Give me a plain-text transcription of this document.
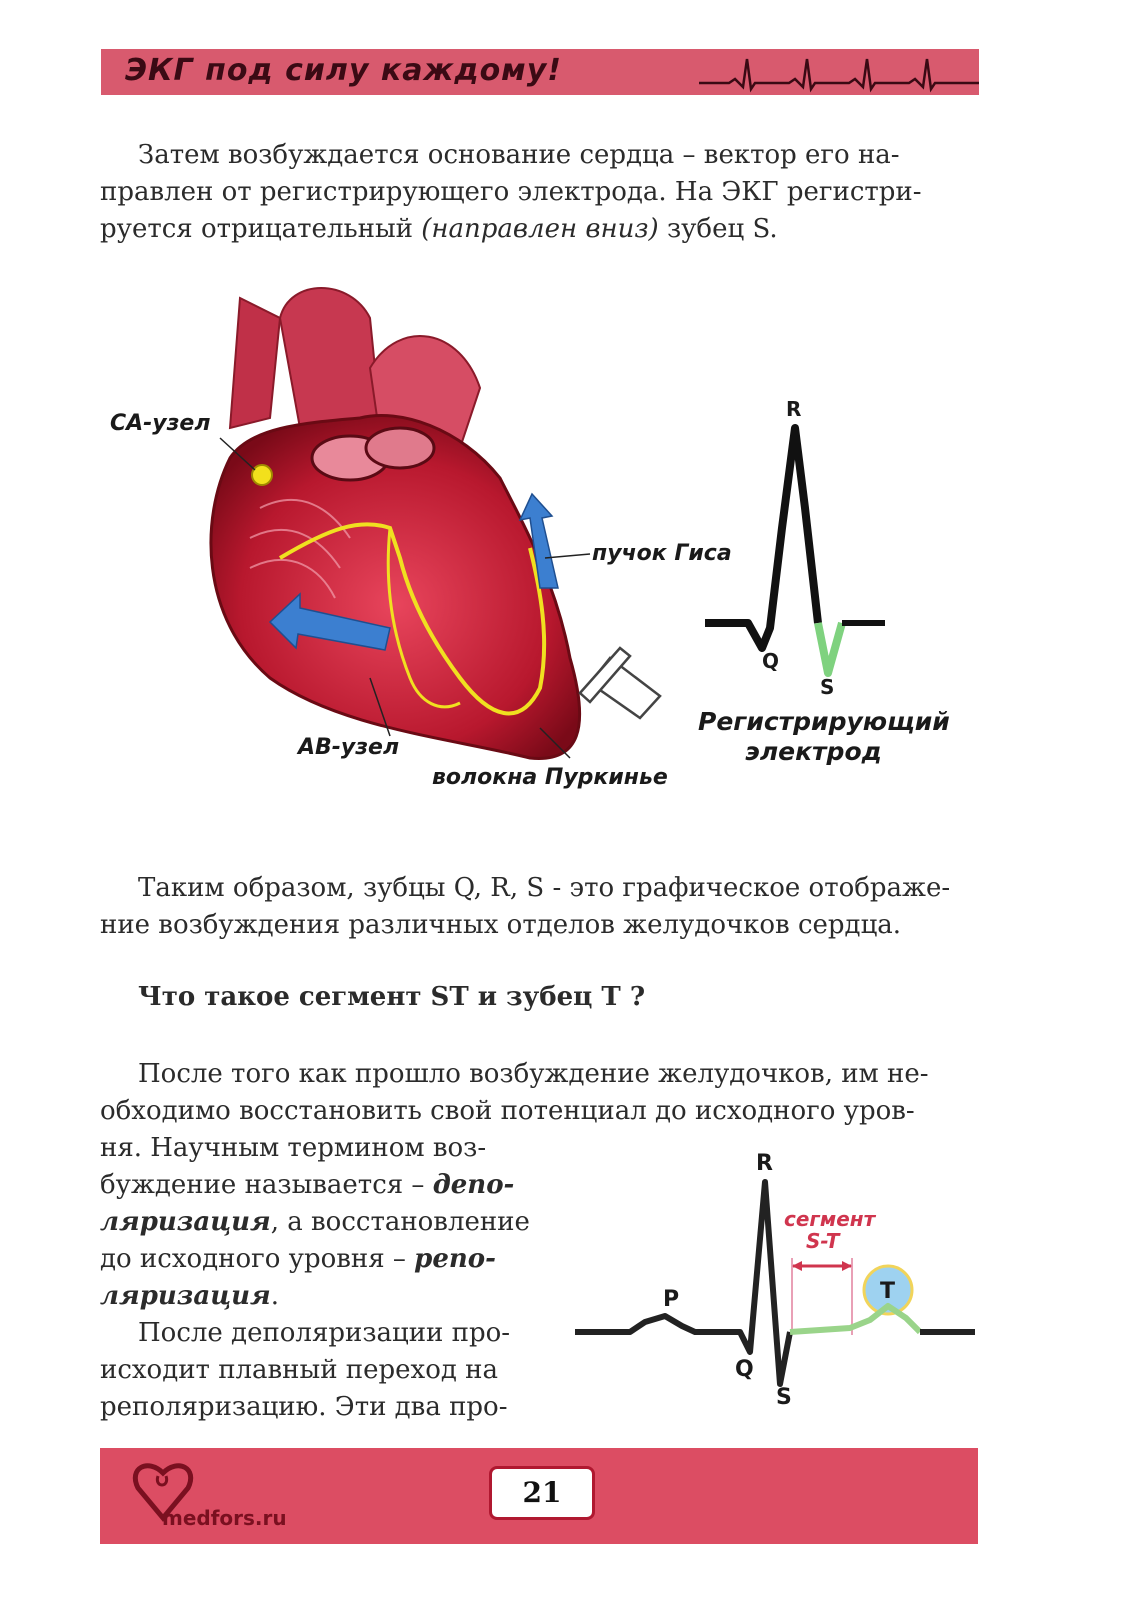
ЭКГ под силу каждому!

Затем возбуждается основание сердца – вектор его на-
правлен от регистрирующего электрода. На ЭКГ регистри-
руется отрицательный (направлен вниз) зубец S.

СА-узел
пучок Гиса
АВ-узел
волокна Пуркинье
Регистрирующий
электрод
R
Q
S

Таким образом, зубцы Q, R, S - это графическое отображе-
ние возбуждения различных отделов желудочков сердца.

Что такое сегмент ST и зубец T ?

После того как прошло возбуждение желудочков, им не-
обходимо восстановить свой потенциал до исходного уров-

ня. Научным термином воз-
буждение называется – депо-
ляризация, а восстановление
до исходного уровня – репо-
ляризация.

После деполяризации про-
исходит плавный переход на
реполяризацию. Эти два про-

R
P
Q
S
T
сегмент
S-T
medfors.ru
21
